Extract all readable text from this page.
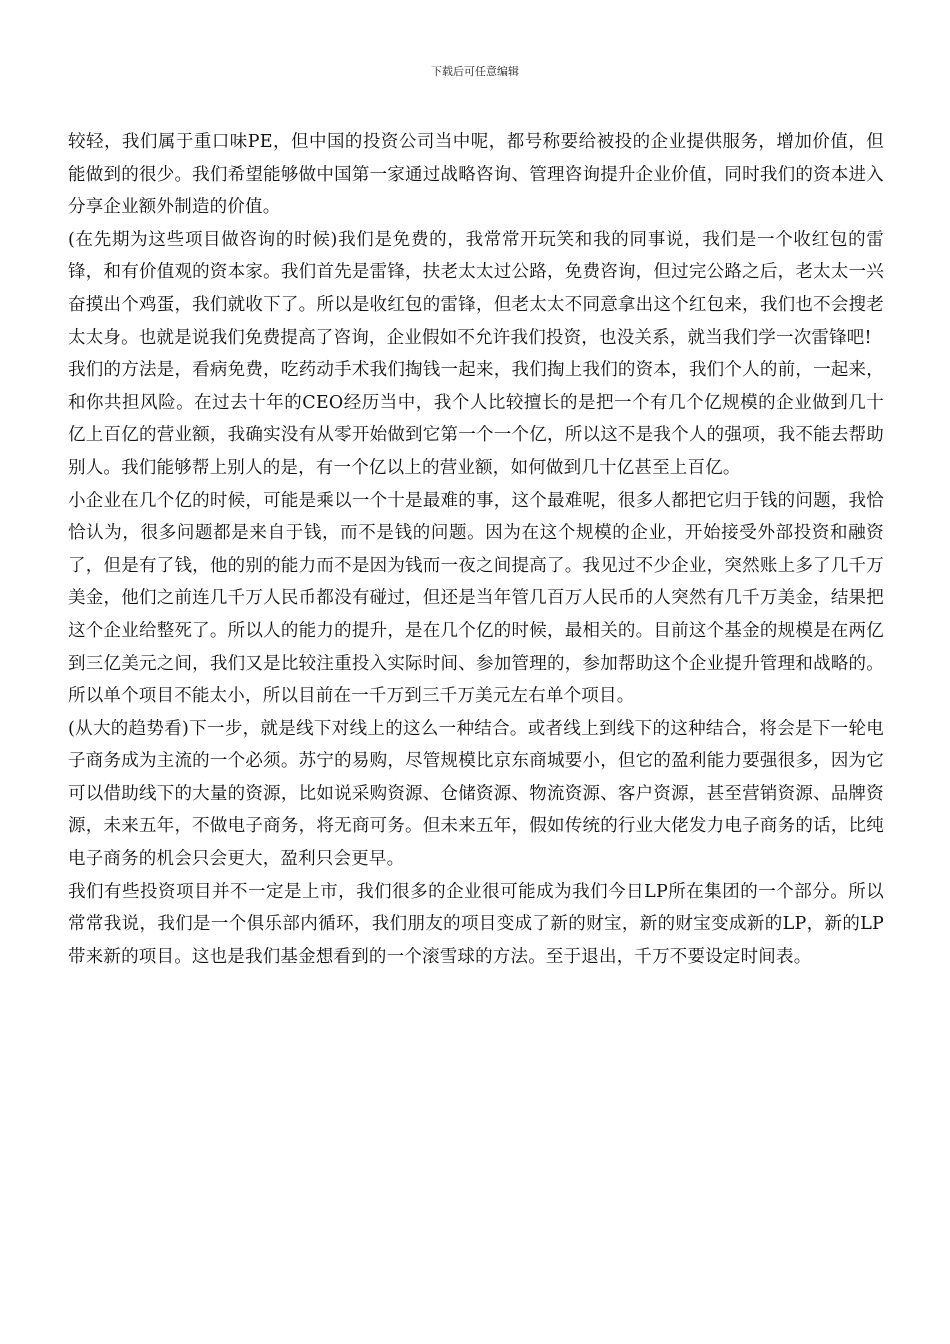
下载后可任意编辑

较轻，我们属于重口味PE，但中国的投资公司当中呢，都号称要给被投的企业提供服务，增加价值，但能做到的很少。我们希望能够做中国第一家通过战略咨询、管理咨询提升企业价值，同时我们的资本进入分享企业额外制造的价值。

(在先期为这些项目做咨询的时候)我们是免费的，我常常开玩笑和我的同事说，我们是一个收红包的雷锋，和有价值观的资本家。我们首先是雷锋，扶老太太过公路，免费咨询，但过完公路之后，老太太一兴奋摸出个鸡蛋，我们就收下了。所以是收红包的雷锋，但老太太不同意拿出这个红包来，我们也不会搜老太太身。也就是说我们免费提高了咨询，企业假如不允许我们投资，也没关系，就当我们学一次雷锋吧!

我们的方法是，看病免费，吃药动手术我们掏钱一起来，我们掏上我们的资本，我们个人的前，一起来，和你共担风险。在过去十年的CEO经历当中，我个人比较擅长的是把一个有几个亿规模的企业做到几十亿上百亿的营业额，我确实没有从零开始做到它第一个一个亿，所以这不是我个人的强项，我不能去帮助别人。我们能够帮上别人的是，有一个亿以上的营业额，如何做到几十亿甚至上百亿。

小企业在几个亿的时候，可能是乘以一个十是最难的事，这个最难呢，很多人都把它归于钱的问题，我恰恰认为，很多问题都是来自于钱，而不是钱的问题。因为在这个规模的企业，开始接受外部投资和融资了，但是有了钱，他的别的能力而不是因为钱而一夜之间提高了。我见过不少企业，突然账上多了几千万美金，他们之前连几千万人民币都没有碰过，但还是当年管几百万人民币的人突然有几千万美金，结果把这个企业给整死了。所以人的能力的提升，是在几个亿的时候，最相关的。目前这个基金的规模是在两亿到三亿美元之间，我们又是比较注重投入实际时间、参加管理的，参加帮助这个企业提升管理和战略的。所以单个项目不能太小，所以目前在一千万到三千万美元左右单个项目。

(从大的趋势看)下一步，就是线下对线上的这么一种结合。或者线上到线下的这种结合，将会是下一轮电子商务成为主流的一个必须。苏宁的易购，尽管规模比京东商城要小，但它的盈利能力要强很多，因为它可以借助线下的大量的资源，比如说采购资源、仓储资源、物流资源、客户资源，甚至营销资源、品牌资源，未来五年，不做电子商务，将无商可务。但未来五年，假如传统的行业大佬发力电子商务的话，比纯电子商务的机会只会更大，盈利只会更早。

我们有些投资项目并不一定是上市，我们很多的企业很可能成为我们今日LP所在集团的一个部分。所以常常我说，我们是一个俱乐部内循环，我们朋友的项目变成了新的财宝，新的财宝变成新的LP，新的LP带来新的项目。这也是我们基金想看到的一个滚雪球的方法。至于退出，千万不要设定时间表。
